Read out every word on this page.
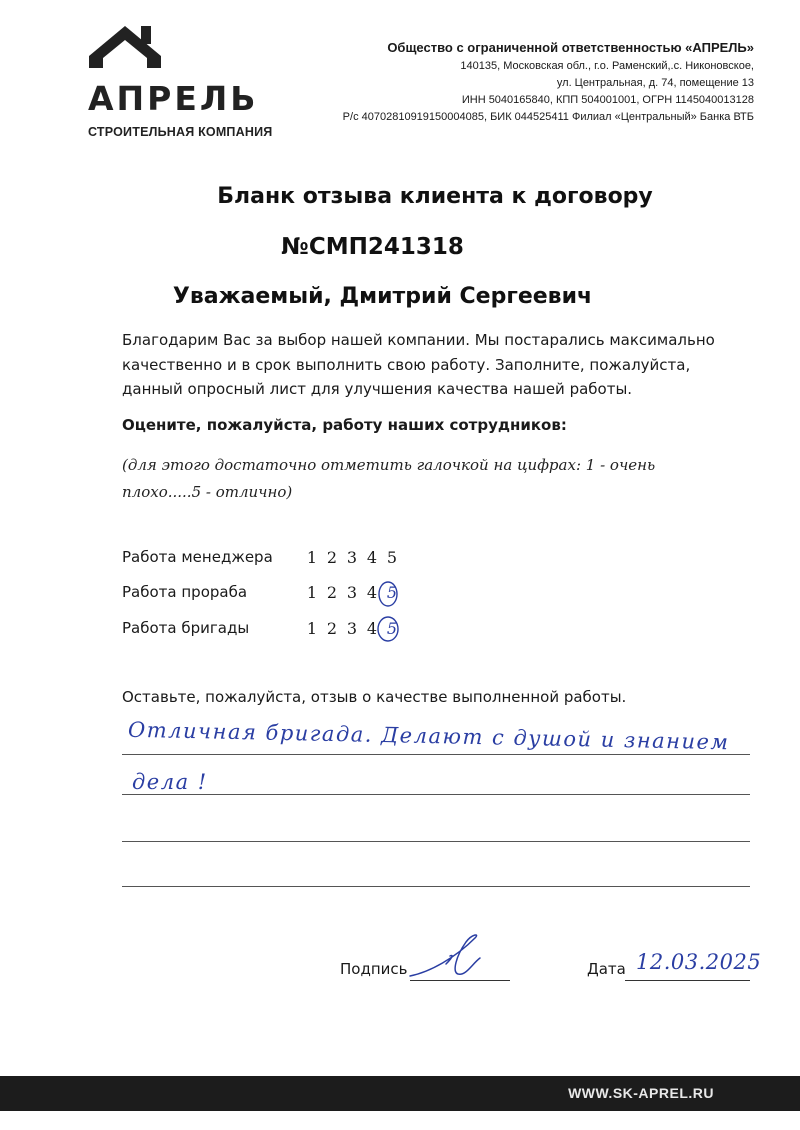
АПРЕЛЬ
СТРОИТЕЛЬНАЯ КОМПАНИЯ
Общество с ограниченной ответственностью «АПРЕЛЬ»
140135, Московская обл., г.о. Раменский,.с. Никоновское,
ул. Центральная, д. 74, помещение 13
ИНН 5040165840, КПП 504001001, ОГРН 1145040013128
Р/с 40702810919150004085, БИК 044525411 Филиал «Центральный» Банка ВТБ
Бланк отзыва клиента к договору
№СМП241318
Уважаемый, Дмитрий Сергеевич
Благодарим Вас за выбор нашей компании. Мы постарались максимально качественно и в срок выполнить свою работу. Заполните, пожалуйста, данный опросный лист для улучшения качества нашей работы.
Оцените, пожалуйста, работу наших сотрудников:
(для этого достаточно отметить галочкой на цифрах: 1 - очень плохо.....5 - отлично)
Работа менеджера	1 2 3 4 5
Работа прораба	1 2 3 4 5
Работа бригады	1 2 3 4 5
Оставьте, пожалуйста, отзыв о качестве выполненной работы.
Отличная бригада. Делают с душой и знанием
дела !
Подпись	Дата 12.03.2025
WWW.SK-APREL.RU
